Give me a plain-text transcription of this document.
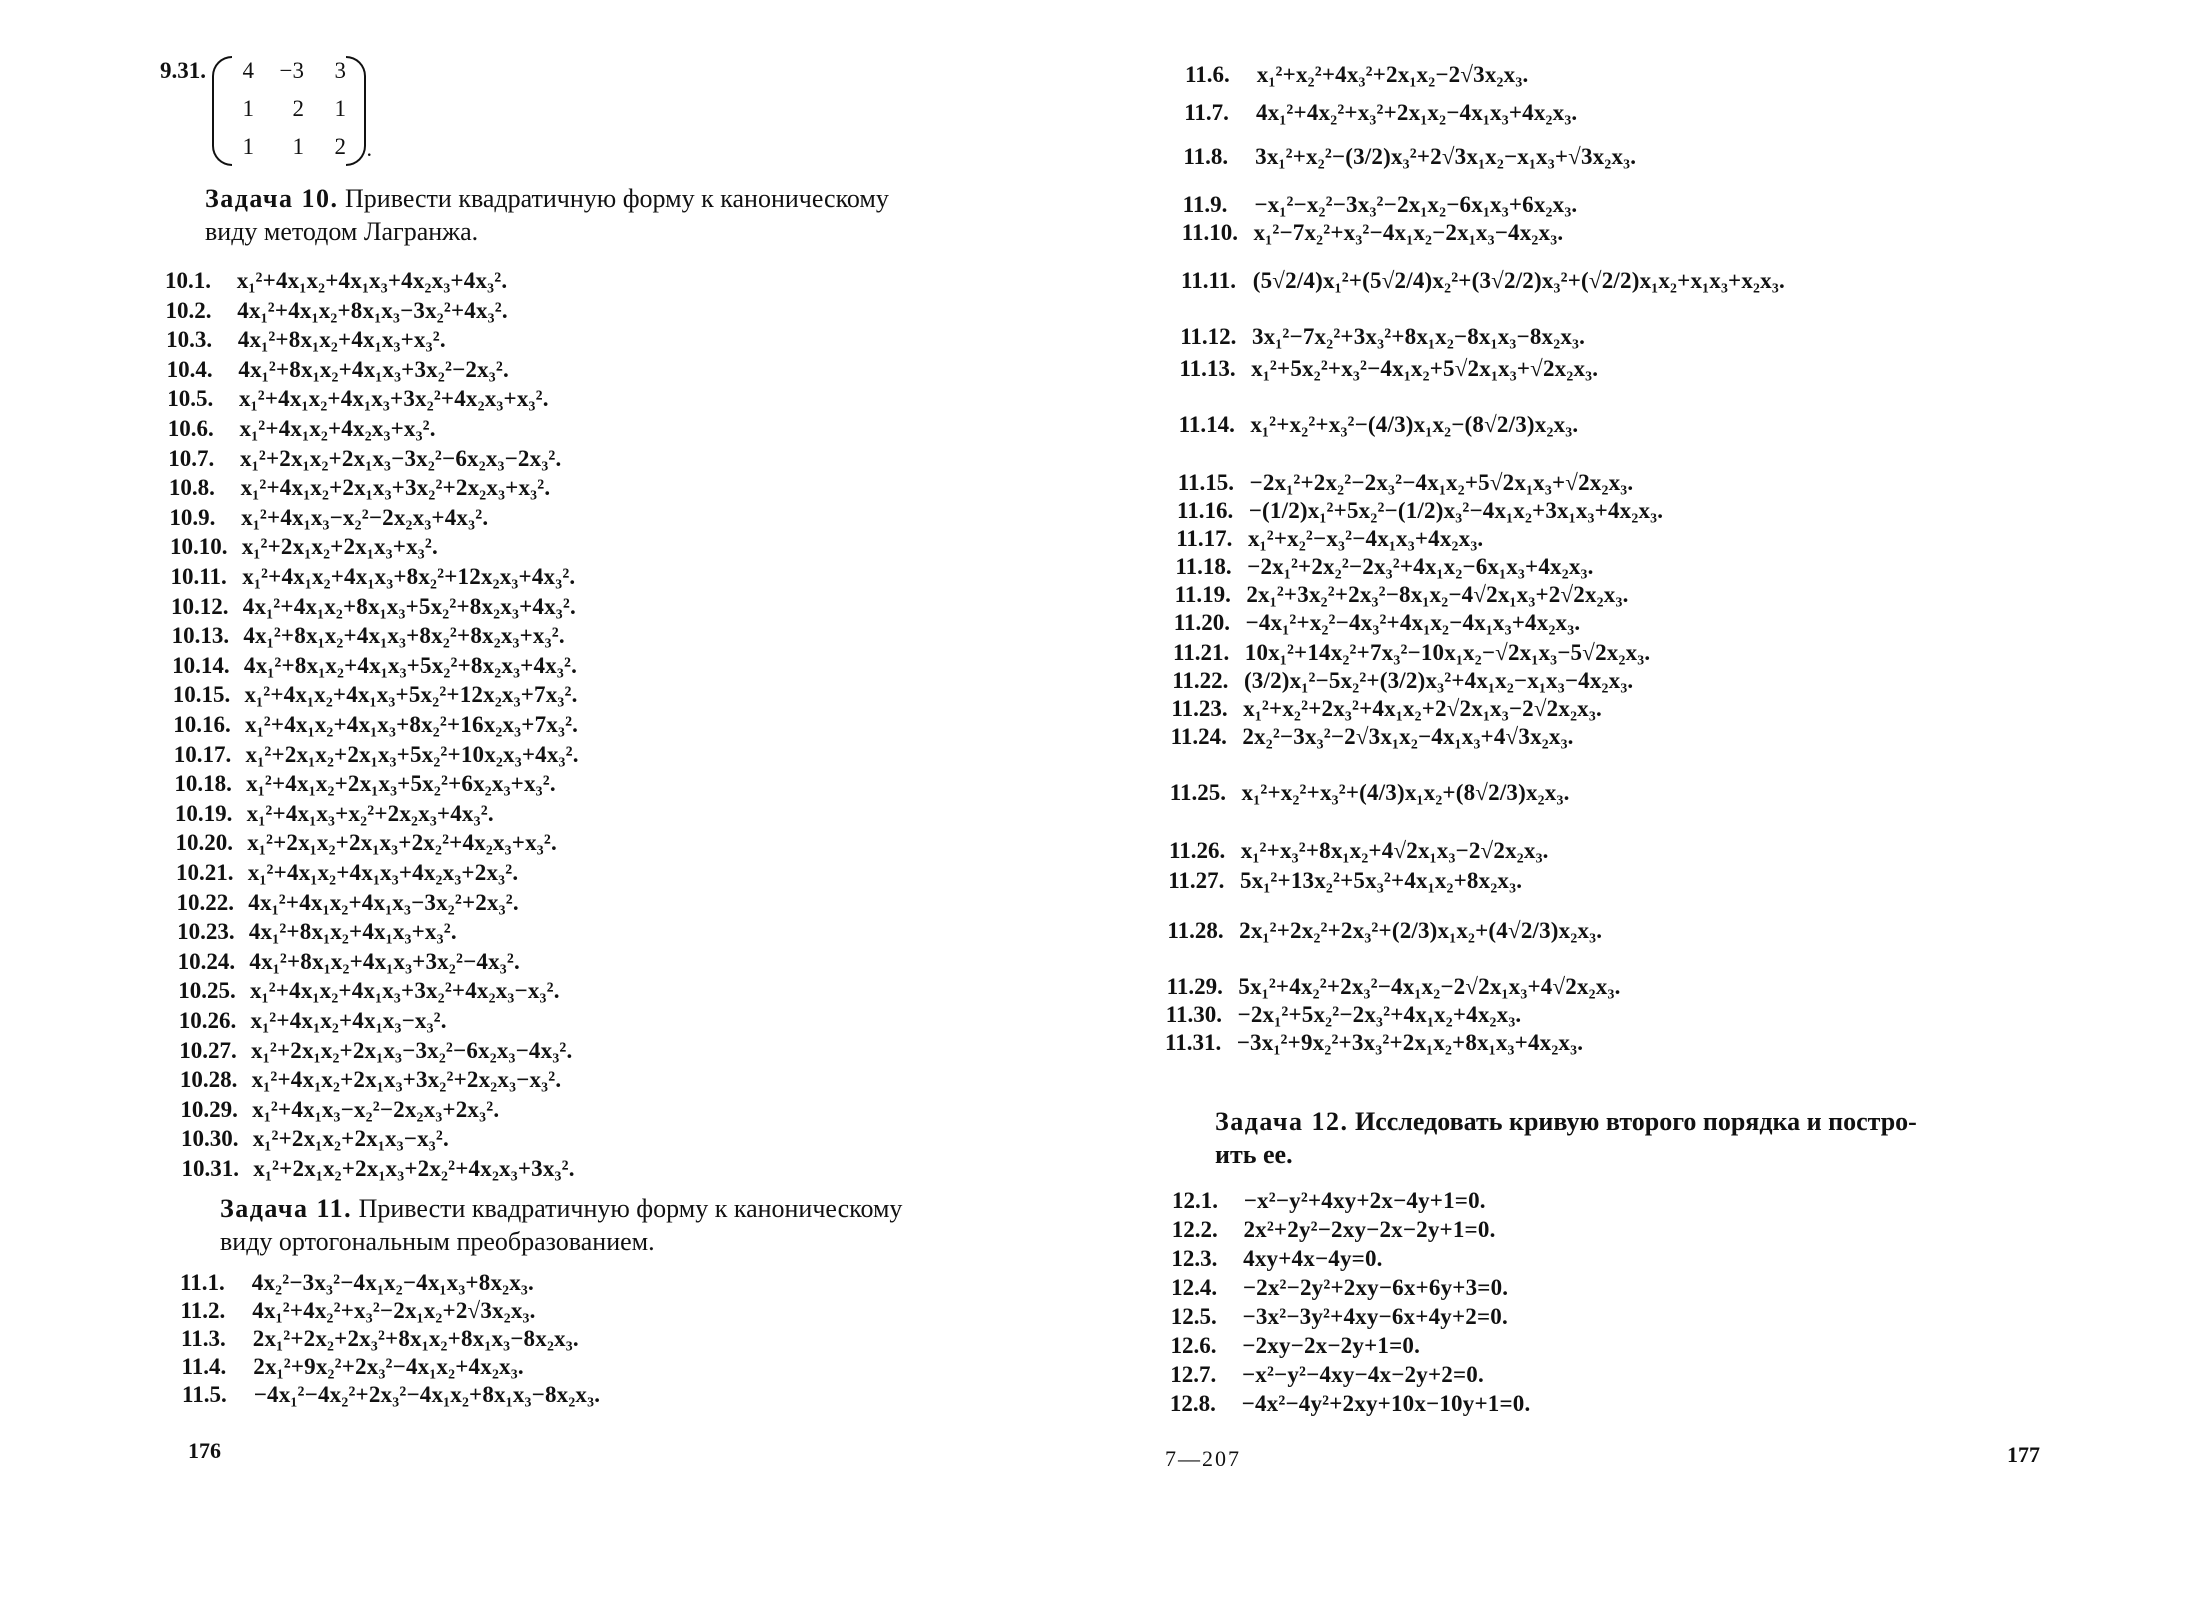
9.31.	4	−3	3
1	2	1
1	1	2 .
Задача 10. Привести квадратичную форму к каноническому
виду методом Лагранжа.
10.1. x₁²+4x₁x₂+4x₁x₃+4x₂x₃+4x₃².
10.2. 4x₁²+4x₁x₂+8x₁x₃−3x₂²+4x₃².
10.3. 4x₁²+8x₁x₂+4x₁x₃+x₃².
10.4. 4x₁²+8x₁x₂+4x₁x₃+3x₂²−2x₃².
10.5. x₁²+4x₁x₂+4x₁x₃+3x₂²+4x₂x₃+x₃².
10.6. x₁²+4x₁x₂+4x₂x₃+x₃².
10.7. x₁²+2x₁x₂+2x₁x₃−3x₂²−6x₂x₃−2x₃².
10.8. x₁²+4x₁x₂+2x₁x₃+3x₂²+2x₂x₃+x₃².
10.9. x₁²+4x₁x₃−x₂²−2x₂x₃+4x₃².
10.10. x₁²+2x₁x₂+2x₁x₃+x₃².
10.11. x₁²+4x₁x₂+4x₁x₃+8x₂²+12x₂x₃+4x₃².
10.12. 4x₁²+4x₁x₂+8x₁x₃+5x₂²+8x₂x₃+4x₃².
10.13. 4x₁²+8x₁x₂+4x₁x₃+8x₂²+8x₂x₃+x₃².
10.14. 4x₁²+8x₁x₂+4x₁x₃+5x₂²+8x₂x₃+4x₃².
10.15. x₁²+4x₁x₂+4x₁x₃+5x₂²+12x₂x₃+7x₃².
10.16. x₁²+4x₁x₂+4x₁x₃+8x₂²+16x₂x₃+7x₃².
10.17. x₁²+2x₁x₂+2x₁x₃+5x₂²+10x₂x₃+4x₃².
10.18. x₁²+4x₁x₂+2x₁x₃+5x₂²+6x₂x₃+x₃².
10.19. x₁²+4x₁x₃+x₂²+2x₂x₃+4x₃².
10.20. x₁²+2x₁x₂+2x₁x₃+2x₂²+4x₂x₃+x₃².
10.21. x₁²+4x₁x₂+4x₁x₃+4x₂x₃+2x₃².
10.22. 4x₁²+4x₁x₂+4x₁x₃−3x₂²+2x₃².
10.23. 4x₁²+8x₁x₂+4x₁x₃+x₃².
10.24. 4x₁²+8x₁x₂+4x₁x₃+3x₂²−4x₃².
10.25. x₁²+4x₁x₂+4x₁x₃+3x₂²+4x₂x₃−x₃².
10.26. x₁²+4x₁x₂+4x₁x₃−x₃².
10.27. x₁²+2x₁x₂+2x₁x₃−3x₂²−6x₂x₃−4x₃².
10.28. x₁²+4x₁x₂+2x₁x₃+3x₂²+2x₂x₃−x₃².
10.29. x₁²+4x₁x₃−x₂²−2x₂x₃+2x₃².
10.30. x₁²+2x₁x₂+2x₁x₃−x₃².
10.31. x₁²+2x₁x₂+2x₁x₃+2x₂²+4x₂x₃+3x₃².
Задача 11. Привести квадратичную форму к каноническому
виду ортогональным преобразованием.
11.1. 4x₂²−3x₃²−4x₁x₂−4x₁x₃+8x₂x₃.
11.2. 4x₁²+4x₂²+x₃²−2x₁x₂+2√3x₂x₃.
11.3. 2x₁²+2x₂+2x₃²+8x₁x₂+8x₁x₃−8x₂x₃.
11.4. 2x₁²+9x₂²+2x₃²−4x₁x₂+4x₂x₃.
11.5. −4x₁²−4x₂²+2x₃²−4x₁x₂+8x₁x₃−8x₂x₃.
176
11.6. x₁²+x₂²+4x₃²+2x₁x₂−2√3x₂x₃.
11.7. 4x₁²+4x₂²+x₃²+2x₁x₂−4x₁x₃+4x₂x₃.
11.8. 3x₁²+x₂²−(3/2)x₃²+2√3x₁x₂−x₁x₃+√3x₂x₃.
11.9. −x₁²−x₂²−3x₃²−2x₁x₂−6x₁x₃+6x₂x₃.
11.10. x₁²−7x₂²+x₃²−4x₁x₂−2x₁x₃−4x₂x₃.
11.11. (5√2/4)x₁²+(5√2/4)x₂²+(3√2/2)x₃²+(√2/2)x₁x₂+x₁x₃+x₂x₃.
11.12. 3x₁²−7x₂²+3x₃²+8x₁x₂−8x₁x₃−8x₂x₃.
11.13. x₁²+5x₂²+x₃²−4x₁x₂+5√2x₁x₃+√2x₂x₃.
11.14. x₁²+x₂²+x₃²−(4/3)x₁x₂−(8√2/3)x₂x₃.
11.15. −2x₁²+2x₂²−2x₃²−4x₁x₂+5√2x₁x₃+√2x₂x₃.
11.16. −(1/2)x₁²+5x₂²−(1/2)x₃²−4x₁x₂+3x₁x₃+4x₂x₃.
11.17. x₁²+x₂²−x₃²−4x₁x₃+4x₂x₃.
11.18. −2x₁²+2x₂²−2x₃²+4x₁x₂−6x₁x₃+4x₂x₃.
11.19. 2x₁²+3x₂²+2x₃²−8x₁x₂−4√2x₁x₃+2√2x₂x₃.
11.20. −4x₁²+x₂²−4x₃²+4x₁x₂−4x₁x₃+4x₂x₃.
11.21. 10x₁²+14x₂²+7x₃²−10x₁x₂−√2x₁x₃−5√2x₂x₃.
11.22. (3/2)x₁²−5x₂²+(3/2)x₃²+4x₁x₂−x₁x₃−4x₂x₃.
11.23. x₁²+x₂²+2x₃²+4x₁x₂+2√2x₁x₃−2√2x₂x₃.
11.24. 2x₂²−3x₃²−2√3x₁x₂−4x₁x₃+4√3x₂x₃.
11.25. x₁²+x₂²+x₃²+(4/3)x₁x₂+(8√2/3)x₂x₃.
11.26. x₁²+x₃²+8x₁x₂+4√2x₁x₃−2√2x₂x₃.
11.27. 5x₁²+13x₂²+5x₃²+4x₁x₂+8x₂x₃.
11.28. 2x₁²+2x₂²+2x₃²+(2/3)x₁x₂+(4√2/3)x₂x₃.
11.29. 5x₁²+4x₂²+2x₃²−4x₁x₂−2√2x₁x₃+4√2x₂x₃.
11.30. −2x₁²+5x₂²−2x₃²+4x₁x₂+4x₂x₃.
11.31. −3x₁²+9x₂²+3x₃²+2x₁x₂+8x₁x₃+4x₂x₃.
Задача 12. Исследовать кривую второго порядка и постро-
ить ее.
12.1. −x²−y²+4xy+2x−4y+1=0.
12.2. 2x²+2y²−2xy−2x−2y+1=0.
12.3. 4xy+4x−4y=0.
12.4. −2x²−2y²+2xy−6x+6y+3=0.
12.5. −3x²−3y²+4xy−6x+4y+2=0.
12.6. −2xy−2x−2y+1=0.
12.7. −x²−y²−4xy−4x−2y+2=0.
12.8. −4x²−4y²+2xy+10x−10y+1=0.
7—207	177
